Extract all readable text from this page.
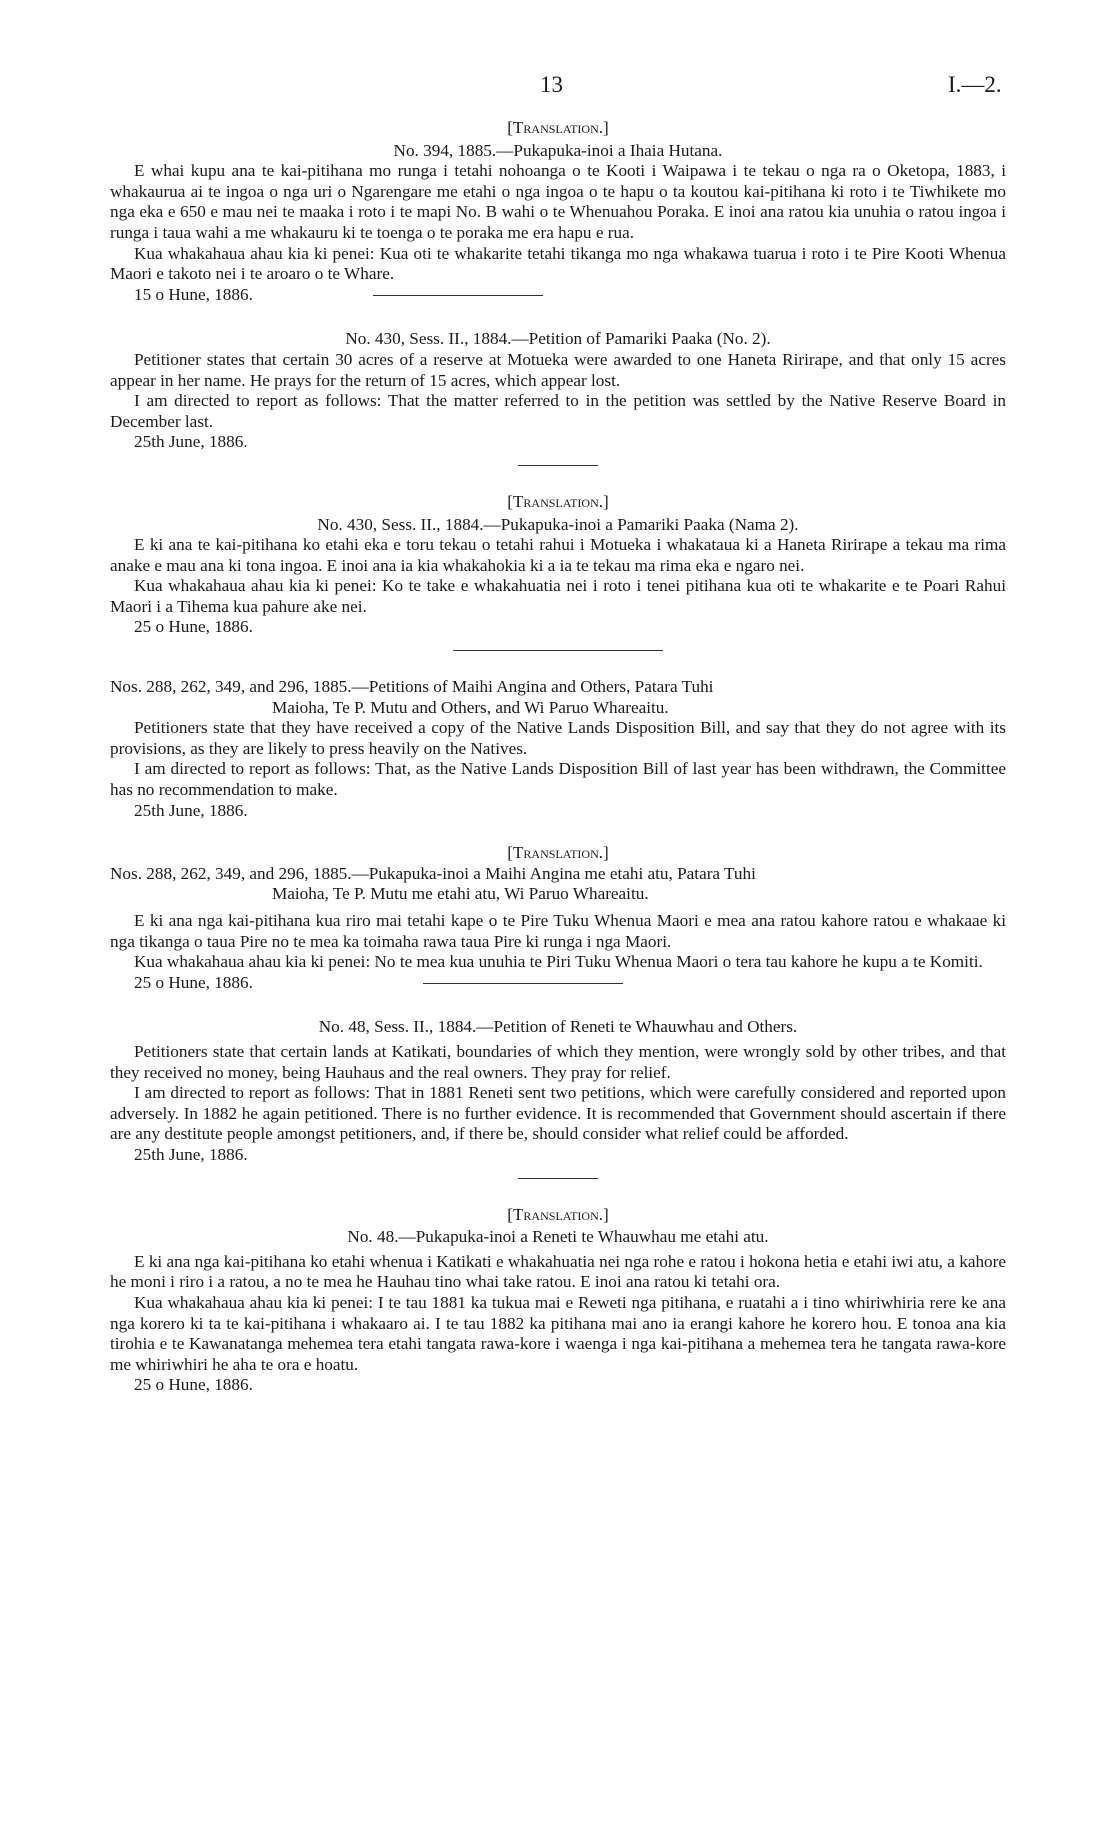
13	I.—2.

[Translation.]

No. 394, 1885.—Pukapuka-inoi a Ihaia Hutana.

E whai kupu ana te kai-pitihana mo runga i tetahi nohoanga o te Kooti i Waipawa i te tekau o nga ra o Oketopa, 1883, i whakaurua ai te ingoa o nga uri o Ngarengare me etahi o nga ingoa o te hapu o ta koutou kai-pitihana ki roto i te Tiwhikete mo nga eka e 650 e mau nei te maaka i roto i te mapi No. B wahi o te Whenuahou Poraka. E inoi ana ratou kia unuhia o ratou ingoa i runga i taua wahi a me whakauru ki te toenga o te poraka me era hapu e rua.

Kua whakahaua ahau kia ki penei: Kua oti te whakarite tetahi tikanga mo nga whakawa tuarua i roto i te Pire Kooti Whenua Maori e takoto nei i te aroaro o te Whare.

15 o Hune, 1886.

No. 430, Sess. II., 1884.—Petition of Pamariki Paaka (No. 2).

Petitioner states that certain 30 acres of a reserve at Motueka were awarded to one Haneta Ririrape, and that only 15 acres appear in her name. He prays for the return of 15 acres, which appear lost.

I am directed to report as follows: That the matter referred to in the petition was settled by the Native Reserve Board in December last.

25th June, 1886.

[Translation.]

No. 430, Sess. II., 1884.—Pukapuka-inoi a Pamariki Paaka (Nama 2).

E ki ana te kai-pitihana ko etahi eka e toru tekau o tetahi rahui i Motueka i whakataua ki a Haneta Ririrape a tekau ma rima anake e mau ana ki tona ingoa. E inoi ana ia kia whakahokia ki a ia te tekau ma rima eka e ngaro nei.

Kua whakahaua ahau kia ki penei: Ko te take e whakahuatia nei i roto i tenei pitihana kua oti te whakarite e te Poari Rahui Maori i a Tihema kua pahure ake nei.

25 o Hune, 1886.

Nos. 288, 262, 349, and 296, 1885.—Petitions of Maihi Angina and Others, Patara Tuhi

Maioha, Te P. Mutu and Others, and Wi Paruo Whareaitu.

Petitioners state that they have received a copy of the Native Lands Disposition Bill, and say that they do not agree with its provisions, as they are likely to press heavily on the Natives.

I am directed to report as follows: That, as the Native Lands Disposition Bill of last year has been withdrawn, the Committee has no recommendation to make.

25th June, 1886.

[Translation.]

Nos. 288, 262, 349, and 296, 1885.—Pukapuka-inoi a Maihi Angina me etahi atu, Patara Tuhi

Maioha, Te P. Mutu me etahi atu, Wi Paruo Whareaitu.

E ki ana nga kai-pitihana kua riro mai tetahi kape o te Pire Tuku Whenua Maori e mea ana ratou kahore ratou e whakaae ki nga tikanga o taua Pire no te mea ka toimaha rawa taua Pire ki runga i nga Maori.

Kua whakahaua ahau kia ki penei: No te mea kua unuhia te Piri Tuku Whenua Maori o tera tau kahore he kupu a te Komiti.

25 o Hune, 1886.

No. 48, Sess. II., 1884.—Petition of Reneti te Whauwhau and Others.

Petitioners state that certain lands at Katikati, boundaries of which they mention, were wrongly sold by other tribes, and that they received no money, being Hauhaus and the real owners. They pray for relief.

I am directed to report as follows: That in 1881 Reneti sent two petitions, which were carefully considered and reported upon adversely. In 1882 he again petitioned. There is no further evidence. It is recommended that Government should ascertain if there are any destitute people amongst petitioners, and, if there be, should consider what relief could be afforded.

25th June, 1886.

[Translation.]

No. 48.—Pukapuka-inoi a Reneti te Whauwhau me etahi atu.

E ki ana nga kai-pitihana ko etahi whenua i Katikati e whakahuatia nei nga rohe e ratou i hokona hetia e etahi iwi atu, a kahore he moni i riro i a ratou, a no te mea he Hauhau tino whai take ratou. E inoi ana ratou ki tetahi ora.

Kua whakahaua ahau kia ki penei: I te tau 1881 ka tukua mai e Reweti nga pitihana, e ruatahi a i tino whiriwhiria rere ke ana nga korero ki ta te kai-pitihana i whakaaro ai. I te tau 1882 ka pitihana mai ano ia erangi kahore he korero hou. E tonoa ana kia tirohia e te Kawanatanga mehemea tera etahi tangata rawa-kore i waenga i nga kai-pitihana a mehemea tera he tangata rawa-kore me whiriwhiri he aha te ora e hoatu.

25 o Hune, 1886.
